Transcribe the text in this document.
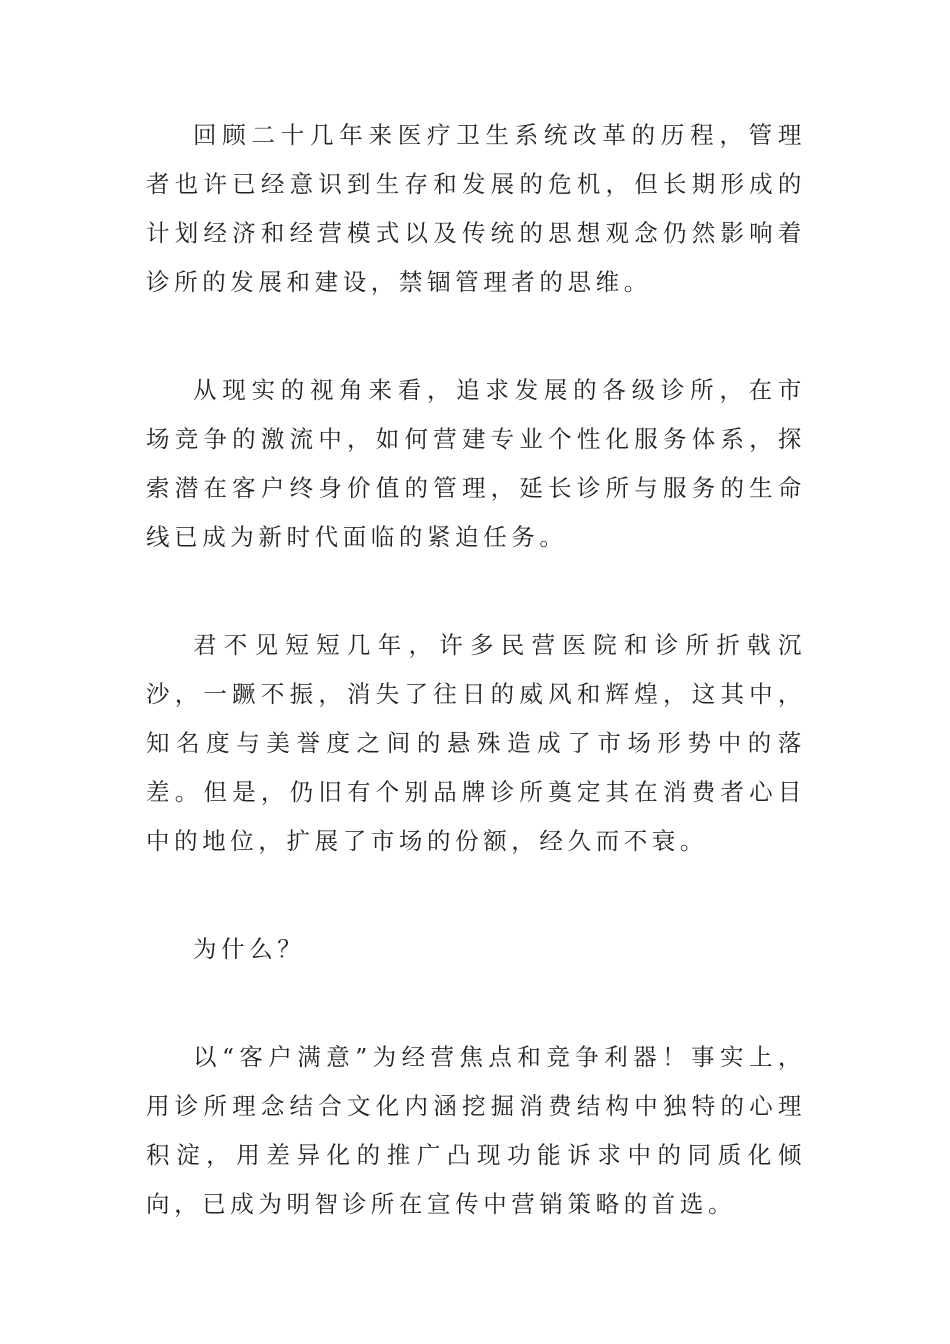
回顾二十几年来医疗卫生系统改革的历程，管理者也许已经意识到生存和发展的危机，但长期形成的计划经济和经营模式以及传统的思想观念仍然影响着诊所的发展和建设，禁锢管理者的思维。

从现实的视角来看，追求发展的各级诊所，在市场竞争的激流中，如何营建专业个性化服务体系，探索潜在客户终身价值的管理，延长诊所与服务的生命线已成为新时代面临的紧迫任务。

君不见短短几年，许多民营医院和诊所折戟沉沙，一蹶不振，消失了往日的威风和辉煌，这其中，知名度与美誉度之间的悬殊造成了市场形势中的落差。但是，仍旧有个别品牌诊所奠定其在消费者心目中的地位，扩展了市场的份额，经久而不衰。

为什么？

以“客户满意”为经营焦点和竞争利器！事实上，用诊所理念结合文化内涵挖掘消费结构中独特的心理积淀，用差异化的推广凸现功能诉求中的同质化倾向，已成为明智诊所在宣传中营销策略的首选。
